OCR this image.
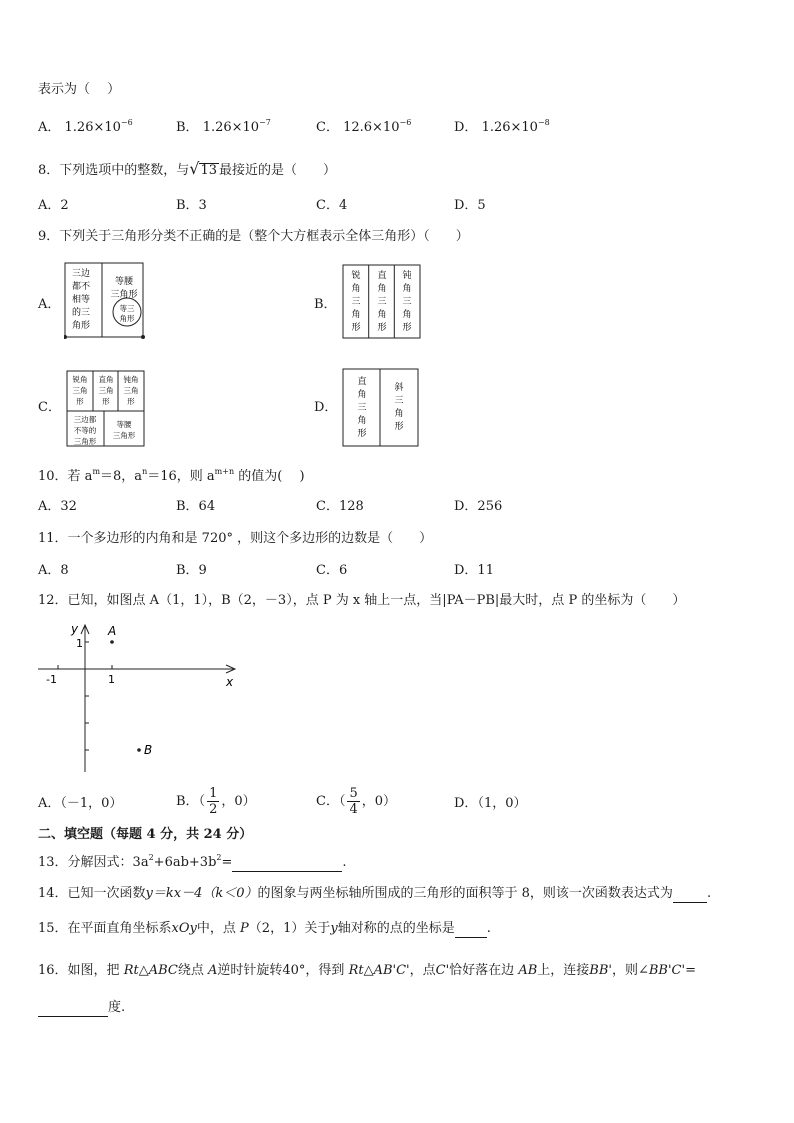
表示为（　 ）
A． $1.26\times 10^{-6}$	B． $1.26\times 10^{-7}$	C． $12.6\times 10^{-6}$	D． $1.26\times 10^{-8}$
8．下列选项中的整数，与√13 最接近的是（　　）
A．2	B．3	C．4	D．5
9．下列关于三角形分类不正确的是（整个大方框表示全体三角形）（　　）
A．
三边
都不
相等
的三
角形
等腰
三角形
等三
角形
B．
锐
角
三
角
形
直
角
三
角
形
钝
角
三
角
形
C．
锐角
三角
形
直角
三角
形
钝角
三角
形
三边都
不等的
三角形
等腰
三角形
D．
直
角
三
角
形
斜
三
角
形
10．若 $a^m=8$，$a^n=16$，则 $a^{m+n}$ 的值为(　 )
A．32	B．64	C．128	D．256
11．一个多边形的内角和是 720° ，则这个多边形的边数是（　　）
A．8	B．9	C．6	D．11
12．已知，如图点 A（1，1），B（2，－3），点 P 为 x 轴上一点，当|PA－PB|最大时，点 P 的坐标为（　　）
y
x
1
-1	1
A
B
A．（－1，0）	B．（ $\frac{1}{2}$ ，0）	C．（ $\frac{5}{4}$ ，0）	D．（1，0）
二、填空题（每题 4 分，共 24 分）
13．分解因式：$3a^2+6ab+3b^2=$	.
14．已知一次函数y＝kx－4（k＜0）的图象与两坐标轴所围成的三角形的面积等于 8，则该一次函数表达式为	.
15．在平面直角坐标系xOy中，点 P（2，1）关于y轴对称的点的坐标是 .
16．如图，把 Rt△ABC绕点 A逆时针旋转40°，得到 Rt△AB'C'，点C'恰好落在边 AB上，连接BB'，则∠BB'C'=
度.
